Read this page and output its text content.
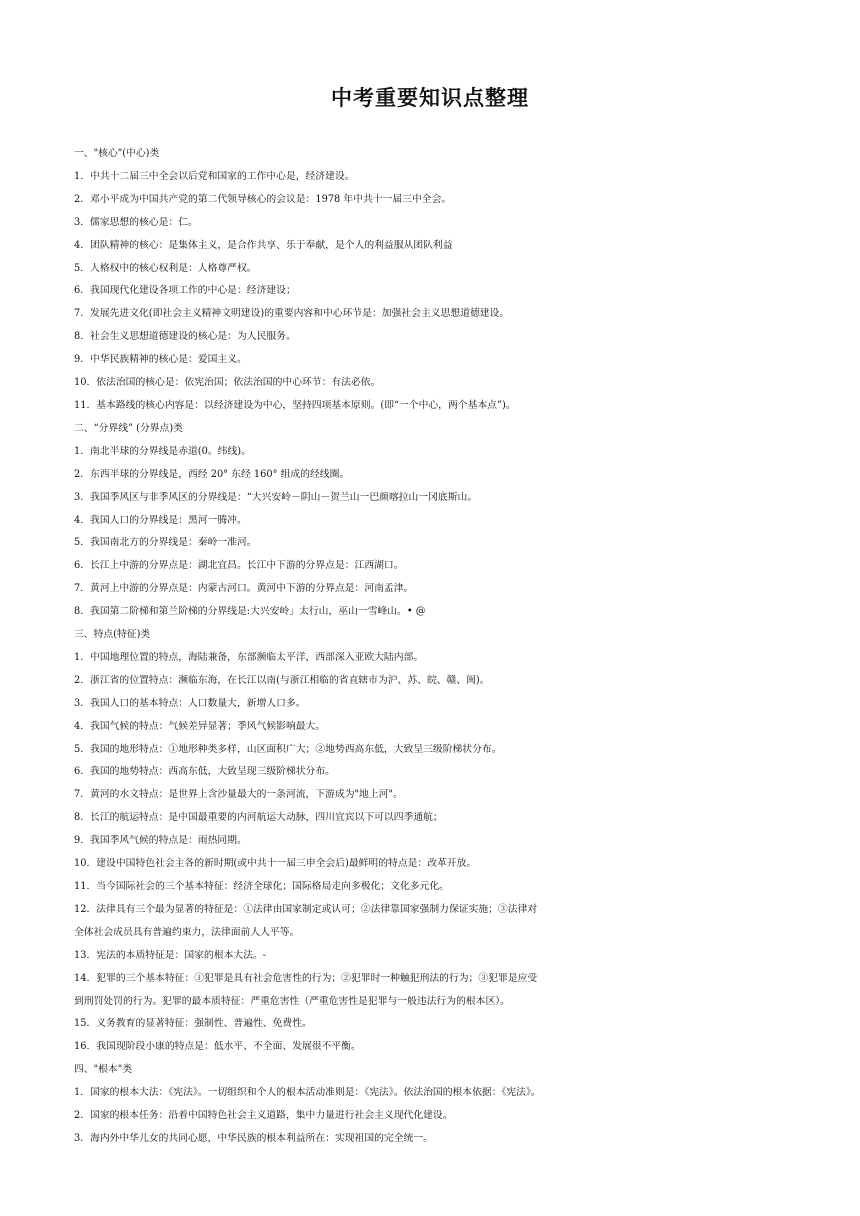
中考重要知识点整理
一、"核心"(中心)类
1．中共十二届三中全会以后党和国家的工作中心是，经济建设。
2．邓小平成为中国共产党的第二代领导核心的会议是：1978 年中共十一届三中全会。
3．儒家思想的核心是：仁。
4．团队精神的核心：是集体主义，是合作共享、乐于奉献，是个人的利益服从团队利益
5．人格权中的核心权利是：人格尊严权。
6．我国现代化建设各项工作的中心是：经济建设；
7．发展先进文化(即社会主义精神文明建设)的重要内容和中心环节是：加强社会主义思想道德建设。
8．社会生义思想道德建设的核心是：为人民服务。
9．中华民族精神的核心是：爱国主义。
10．依法治国的核心是：依宪治国；依法治国的中心环节：有法必依。
11．基本路线的核心内容是：以经济建设为中心，坚持四项基本原则。(即“一个中心，两个基本点”)。
二、“分界线” (分界点)类
1．南北半球的分界线是赤道(0。纬线)。
2．东西半球的分界线是，西经 20° 东经 160° 组成的经线圈。
3．我国季风区与非季风区的分界线是：“大兴安岭－阴山－贺兰山一巴颜喀拉山一冈底斯山。
4．我国人口的分界线是：黑河一腾冲。
5．我国南北方的分界线是：秦岭一准河。
6．长江上中游的分界点是：湖北宜昌。长江中下游的分界点是：江西湖口。
7．黄河上中游的分界点是：内蒙古河口。黄河中下游的分界点是：河南孟津。
8．我国第二阶梯和第兰阶梯的分界线是:大兴安岭」太行山，巫山一雪峰山。• @
三、特点(特征)类
1．中国地理位置的特点，海陆兼备，东部濒临太平洋，西部深入亚欧大陆内部。
2．浙江省的位置特点：濒临东海，在长江以南(与浙江相临的省直辖市为沪、苏、皖、赣、闽)。
3．我国人口的基本特点：人口数量大，新增人口多。
4．我国气候的特点：气候差异显著；季风气候影响最大。
5．我国的地形特点：①地形种类多样，山区面积广大；②地势西高东低，大致呈三级阶梯状分布。
6．我国的地势特点：西高东低，大致呈现三级阶梯状分布。
7．黄河的水文特点：是世界上含沙量最大的一条河流，下游成为"地上河"。
8．长江的航运特点：是中国最重要的内河航运大动脉，四川宜宾以下可以四季通航；
9．我国季风气候的特点是：雨热同期。
10．建设中国特色社会主各的新时期(或中共十一届三申全会后)最鲜明的特点是：改革开放。
11．当今国际社会的三个基本特征：经济全球化；国际格局走向多极化；文化多元化。
12．法律具有三个最为显著的特征是：①法律由国家制定或认可；②法律靠国家强制力保证实施；③法律对
全体社会成员具有普遍约束力，法律面前人人平等。
13．宪法的本质特征是：国家的根本大法。-
14．犯罪的三个基本特征：①犯罪是具有社会危害性的行为；②犯罪时一种触犯刑法的行为；③犯罪是应受
到刑罚处罚的行为。犯罪的最本质特征：严重危害性（严重危害性是犯罪与一般违法行为的根本区）。
15．义务教育的显著特征：强制性、普遍性、免费性。
16．我国现阶段小康的特点是：低水平、不全面、发展很不平衡。
四、"根本"类
1．国家的根本大法：《宪法》。一切组织和个人的根本活动准则是：《宪法》。依法治国的根本依据：《宪法》。
2．国家的根本任务：沿着中国特色社会主义道路，集中力量进行社会主义现代化建设。
3．海内外中华儿女的共同心愿，中华民族的根本利益所在：实现祖国的完全统一。
